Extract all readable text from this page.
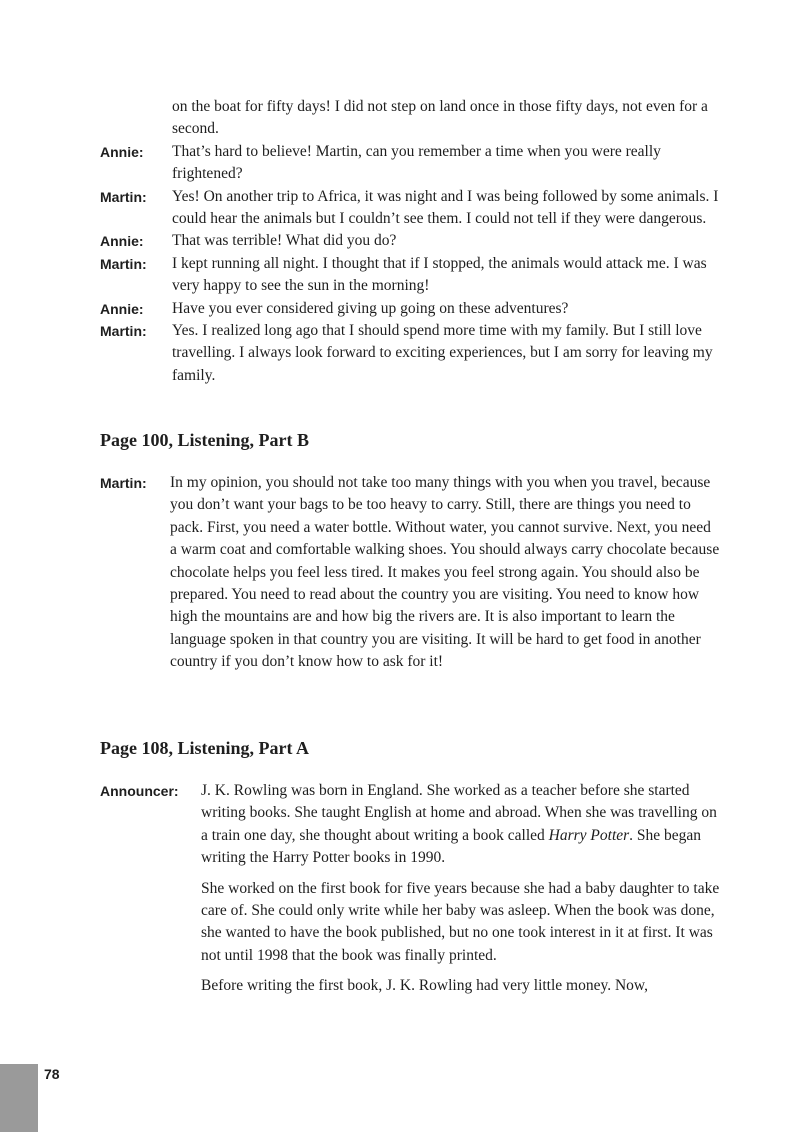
on the boat for fifty days! I did not step on land once in those fifty days, not even for a second.
Annie:	That’s hard to believe! Martin, can you remember a time when you were really frightened?
Martin:	Yes! On another trip to Africa, it was night and I was being followed by some animals. I could hear the animals but I couldn’t see them. I could not tell if they were dangerous.
Annie:	That was terrible! What did you do?
Martin:	I kept running all night. I thought that if I stopped, the animals would attack me. I was very happy to see the sun in the morning!
Annie:	Have you ever considered giving up going on these adventures?
Martin:	Yes. I realized long ago that I should spend more time with my family. But I still love travelling. I always look forward to exciting experiences, but I am sorry for leaving my family.
Page 100, Listening, Part B
Martin:	In my opinion, you should not take too many things with you when you travel, because you don’t want your bags to be too heavy to carry. Still, there are things you need to pack. First, you need a water bottle. Without water, you cannot survive. Next, you need a warm coat and comfortable walking shoes. You should always carry chocolate because chocolate helps you feel less tired. It makes you feel strong again. You should also be prepared. You need to read about the country you are visiting. You need to know how high the mountains are and how big the rivers are. It is also important to learn the language spoken in that country you are visiting. It will be hard to get food in another country if you don’t know how to ask for it!
Page 108, Listening, Part A
Announcer:	J. K. Rowling was born in England. She worked as a teacher before she started writing books. She taught English at home and abroad. When she was travelling on a train one day, she thought about writing a book called Harry Potter. She began writing the Harry Potter books in 1990.
She worked on the first book for five years because she had a baby daughter to take care of. She could only write while her baby was asleep. When the book was done, she wanted to have the book published, but no one took interest in it at first. It was not until 1998 that the book was finally printed.
Before writing the first book, J. K. Rowling had very little money. Now,
78
